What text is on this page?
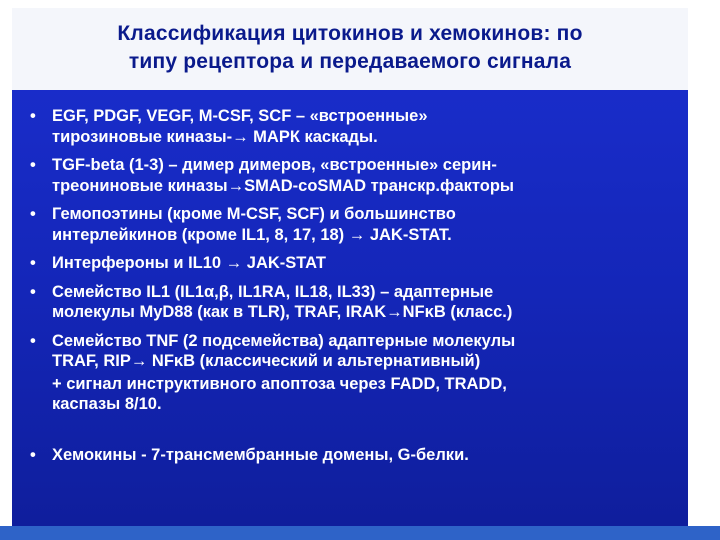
Классификация цитокинов и хемокинов: по
типу рецептора и передаваемого сигнала
• EGF, PDGF, VEGF, M-CSF, SCF – «встроенные»
тирозиновые киназы-→ МАРК каскады.
• TGF-beta (1-3) – димер димеров, «встроенные» серин-
треониновые киназы→SMAD-coSMAD транскр.факторы
• Гемопоэтины (кроме M-CSF, SCF) и большинство
интерлейкинов (кроме IL1, 8, 17, 18) → JAK-STAT.
• Интерфероны и IL10 → JAK-STAT
• Семейство IL1 (IL1α,β, IL1RA, IL18, IL33) – адаптерные
молекулы MyD88 (как в TLR), TRAF, IRAK→NFκB (класс.)
• Семейство TNF (2 подсемейства) адаптерные молекулы
TRAF, RIP→ NFκB (классический и альтернативный)
+ сигнал инструктивного апоптоза через FADD, TRADD,
каспазы 8/10.
• Хемокины - 7-трансмембранные домены, G-белки.
